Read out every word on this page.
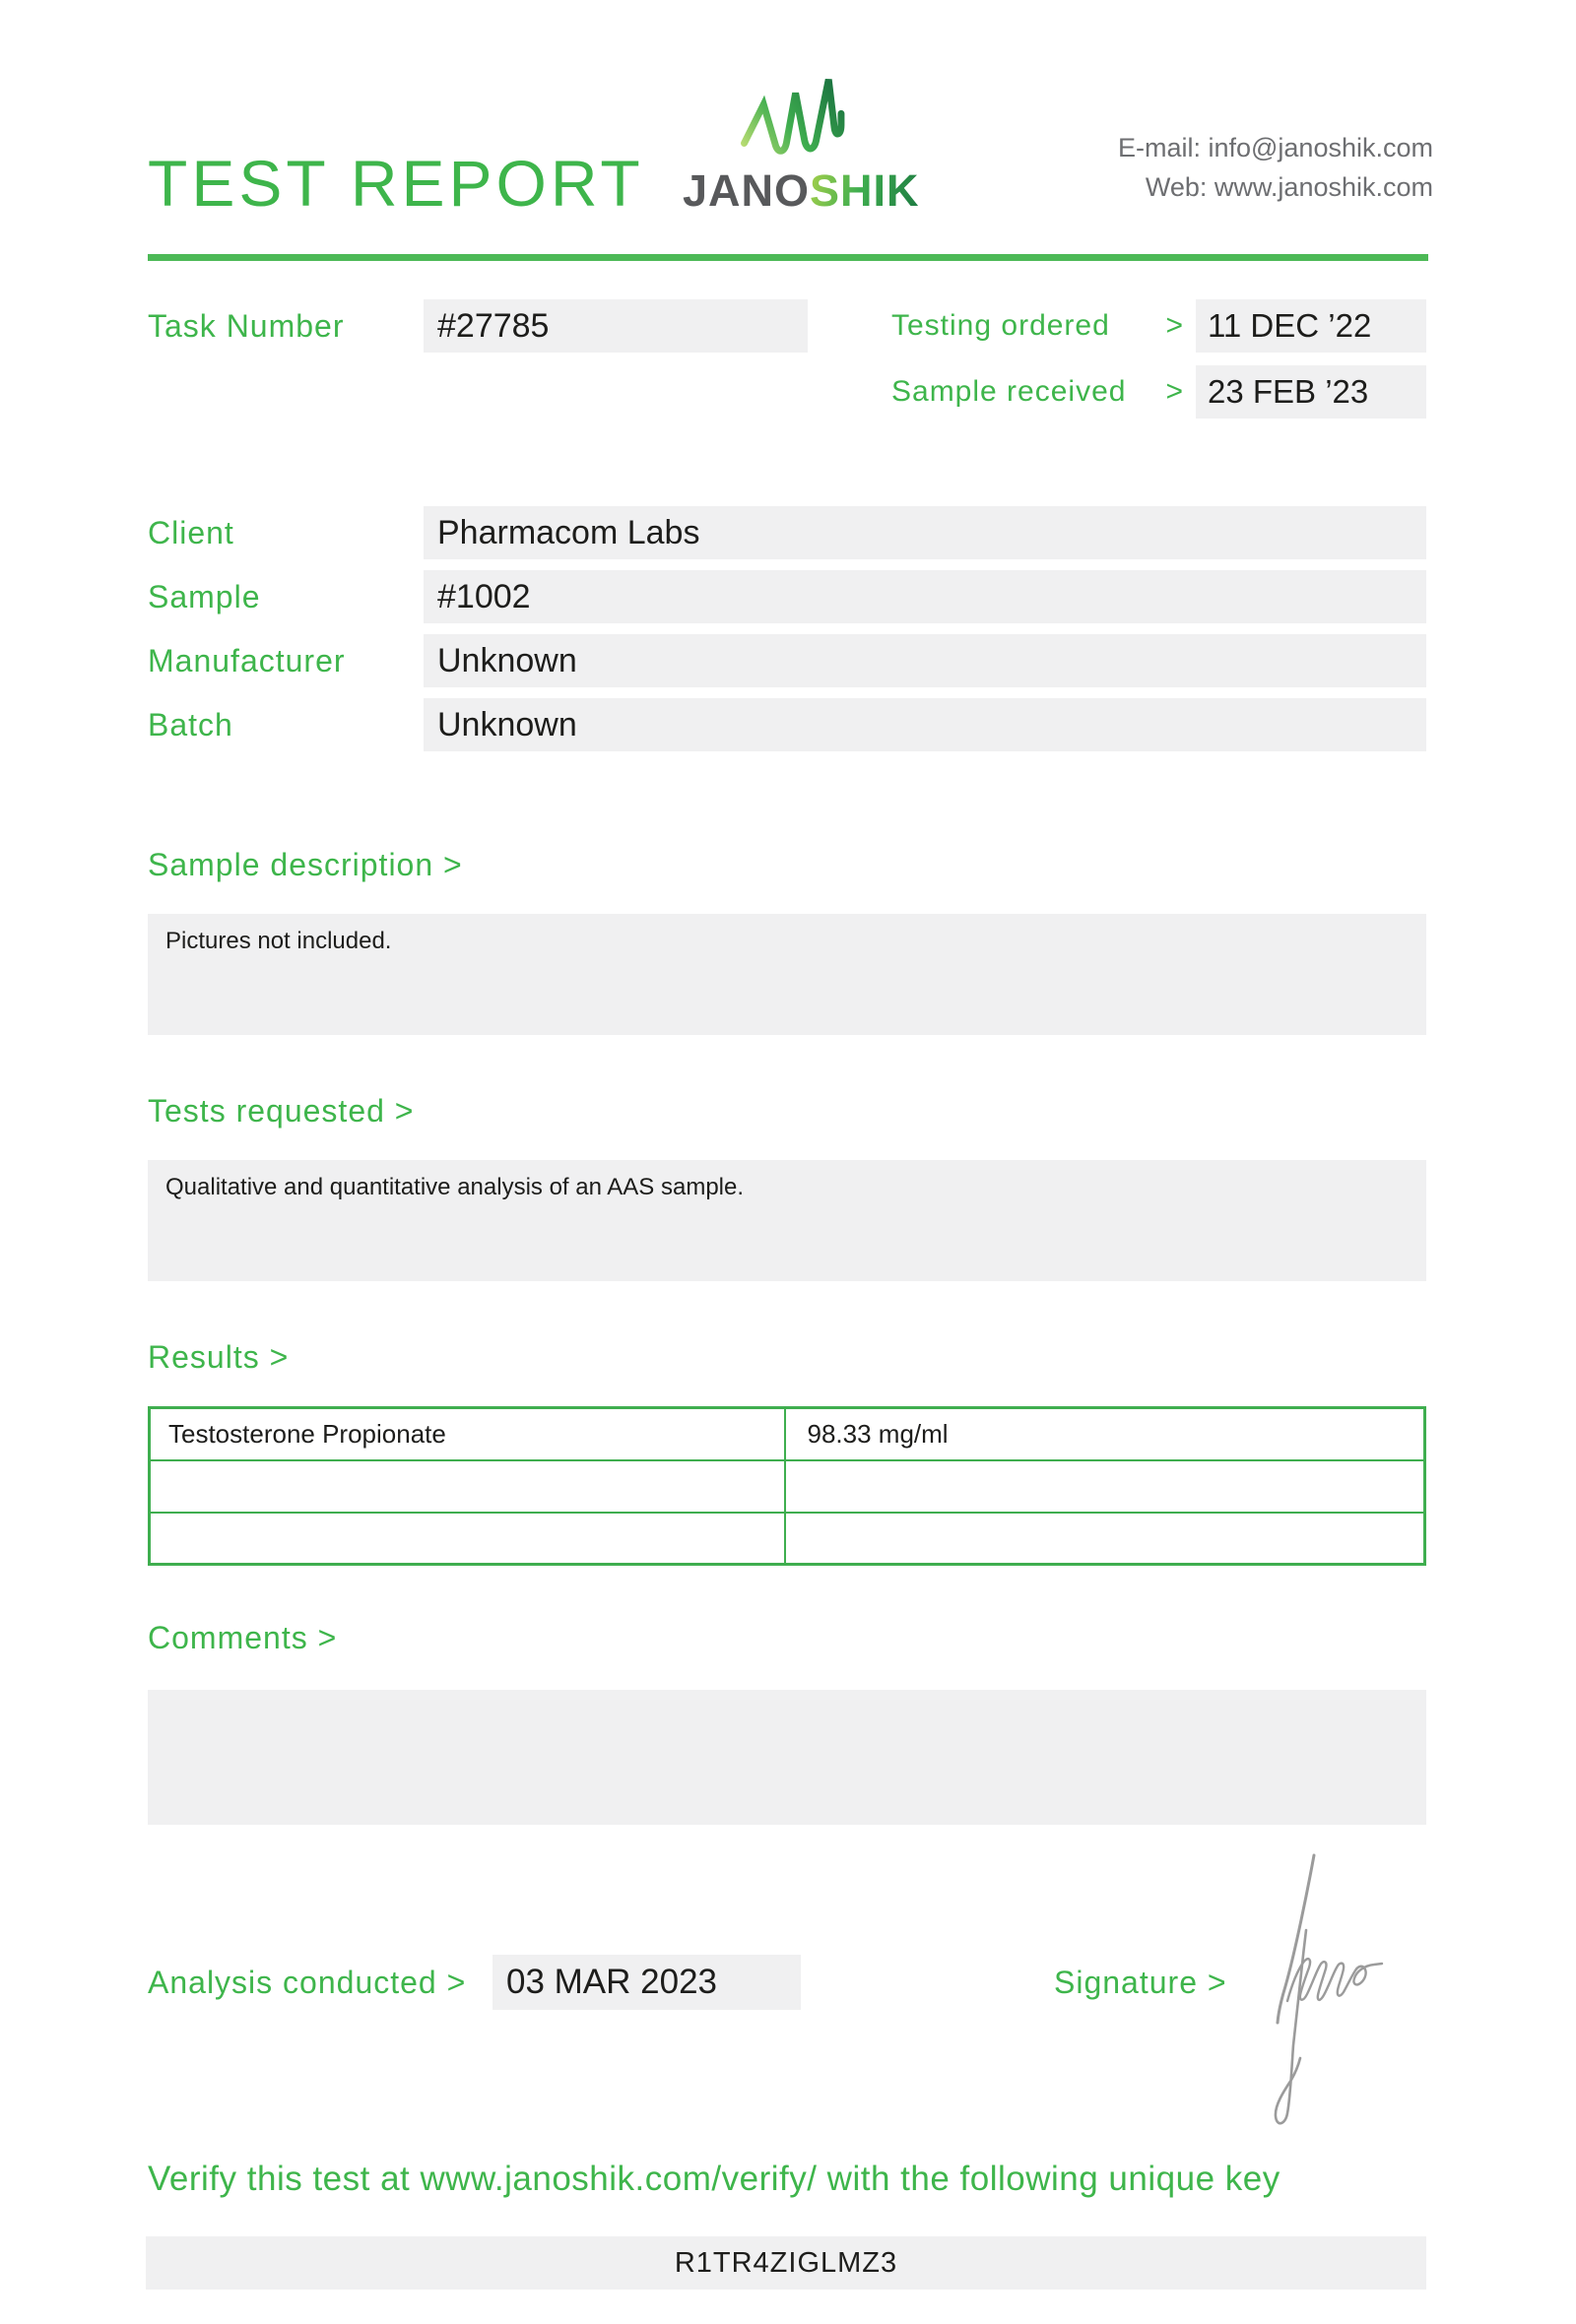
TEST REPORT JANOSHIK
E-mail: info@janoshik.com
Web: www.janoshik.com
Task Number	#27785	Testing ordered > 11 DEC ’22
Sample received > 23 FEB ’23
Client	Pharmacom Labs
Sample	#1002
Manufacturer	Unknown
Batch	Unknown
Sample description >
Pictures not included.
Tests requested >
Qualitative and quantitative analysis of an AAS sample.
Results >
Testosterone Propionate	98.33 mg/ml

Comments >
Analysis conducted >	03 MAR 2023	Signature >
Verify this test at www.janoshik.com/verify/ with the following unique key
R1TR4ZIGLMZ3
